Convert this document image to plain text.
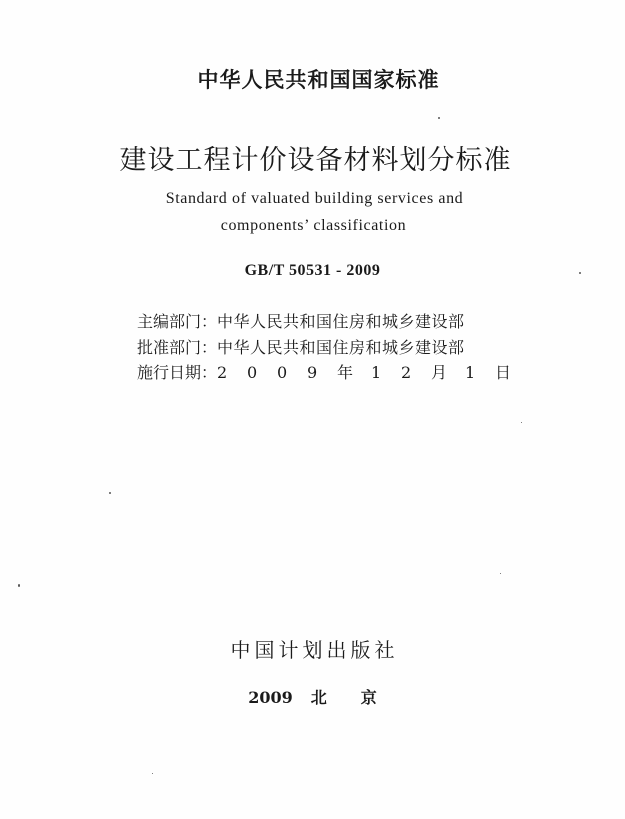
中华人民共和国国家标准
建设工程计价设备材料划分标准
Standard of valuated building services and
components’ classification
GB/T 50531 - 2009
主编部门：中华人民共和国住房和城乡建设部
批准部门：中华人民共和国住房和城乡建设部
施行日期：2 0 0 9 年 1 2 月 1 日
中国计划出版社
2009 北 京
